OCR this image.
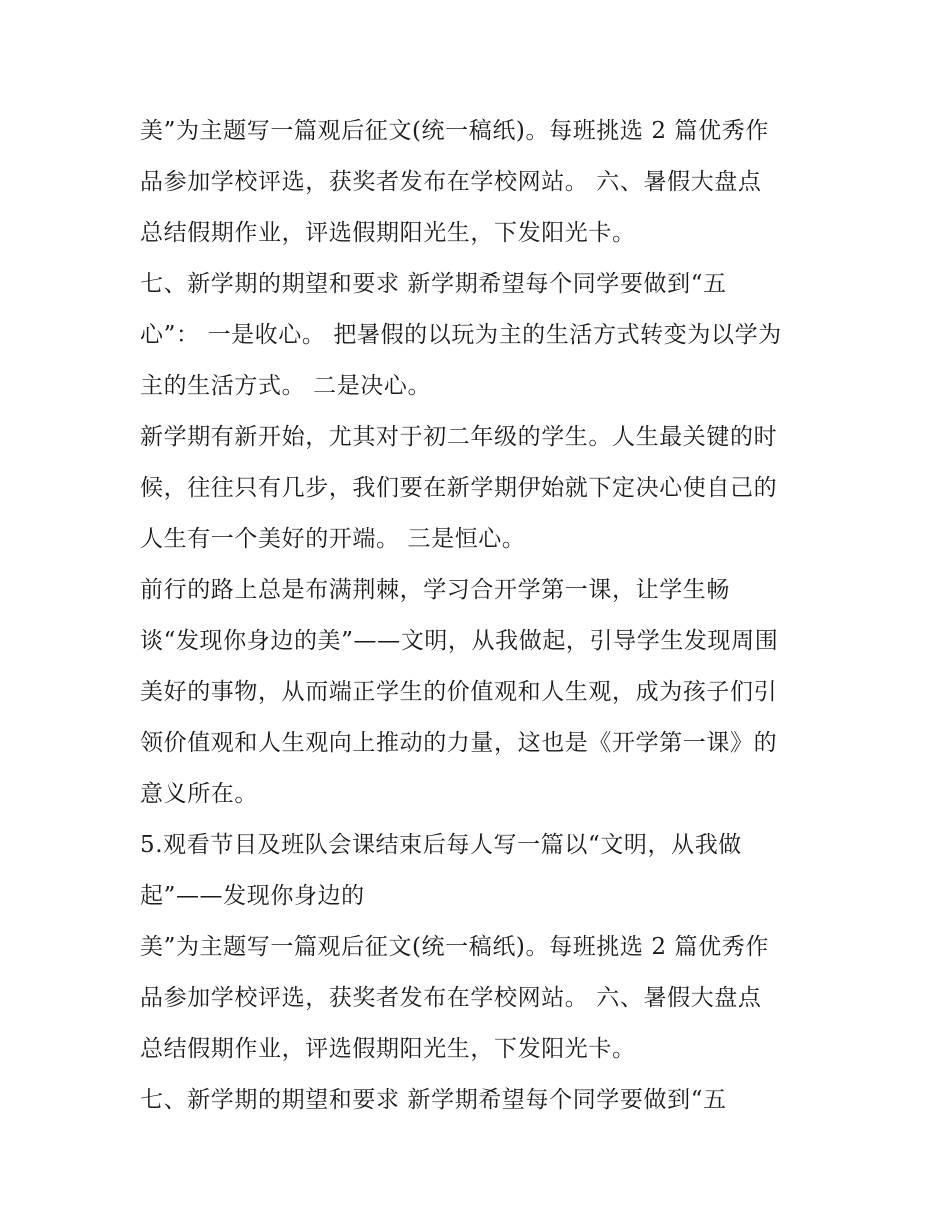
美”为主题写一篇观后征文(统一稿纸)。每班挑选 2 篇优秀作
品参加学校评选，获奖者发布在学校网站。 六、暑假大盘点
总结假期作业，评选假期阳光生，下发阳光卡。
七、新学期的期望和要求 新学期希望每个同学要做到“五
心”： 一是收心。 把暑假的以玩为主的生活方式转变为以学为
主的生活方式。 二是决心。
新学期有新开始，尤其对于初二年级的学生。人生最关键的时
候，往往只有几步，我们要在新学期伊始就下定决心使自己的
人生有一个美好的开端。 三是恒心。
前行的路上总是布满荆棘，学习合开学第一课，让学生畅
谈“发现你身边的美”——文明，从我做起，引导学生发现周围
美好的事物，从而端正学生的价值观和人生观，成为孩子们引
领价值观和人生观向上推动的力量，这也是《开学第一课》的
意义所在。
5.观看节目及班队会课结束后每人写一篇以“文明，从我做
起”——发现你身边的
美”为主题写一篇观后征文(统一稿纸)。每班挑选 2 篇优秀作
品参加学校评选，获奖者发布在学校网站。 六、暑假大盘点
总结假期作业，评选假期阳光生，下发阳光卡。
七、新学期的期望和要求 新学期希望每个同学要做到“五
